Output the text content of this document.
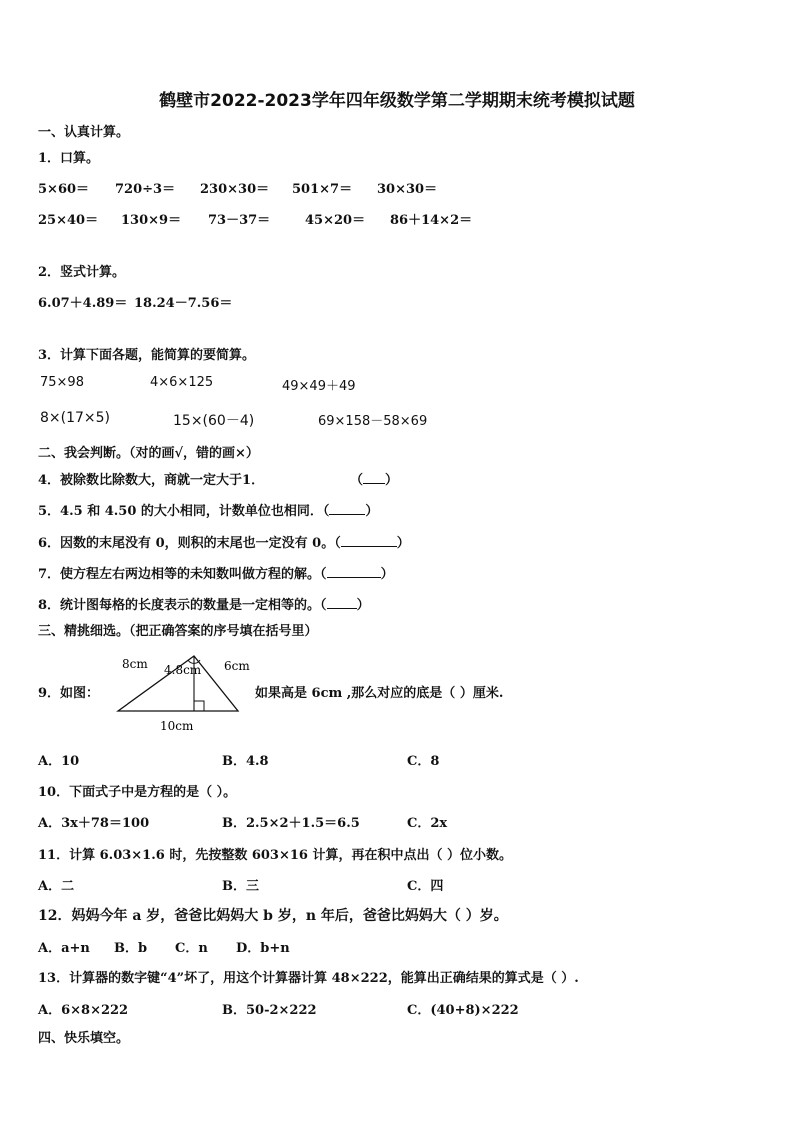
鹤壁市2022-2023学年四年级数学第二学期期末统考模拟试题
一、认真计算。
1．口算。
5×60＝ 720÷3＝ 230×30＝ 501×7＝ 30×30＝
25×40＝ 130×9＝ 73－37＝	45×20＝ 86＋14×2＝
2．竖式计算。
6.07＋4.89＝ 18.24－7.56＝
3．计算下面各题，能简算的要简算。
75×98	4×6×125	49×49＋49
8×(17×5)	15×(60－4)	69×158－58×69
二、我会判断。（对的画√，错的画×）
4．被除数比除数大，商就一定大于1．	（ ）
5．4.5 和 4.50 的大小相同，计数单位也相同．（	）
6．因数的末尾没有 0，则积的末尾也一定没有 0。（	）
7．使方程左右两边相等的未知数叫做方程的解。（	）
8．统计图每格的长度表示的数量是一定相等的。（ ）
三、精挑细选。（把正确答案的序号填在括号里）
9．如图：
8cm 4.8cm 6cm
10cm
如果高是 6cm ,那么对应的底是（ ）厘米.
A．10	B．4.8	C．8
10．下面式子中是方程的是（ ）。
A．3x＋78＝100	B．2.5×2＋1.5＝6.5	C．2x
11．计算 6.03×1.6 时，先按整数 603×16 计算，再在积中点出（ ）位小数。
A．二	B．三	C．四
12．妈妈今年 a 岁，爸爸比妈妈大 b 岁，n 年后，爸爸比妈妈大（ ）岁。
A．a+n B．b C．n D．b+n
13．计算器的数字键“4”坏了，用这个计算器计算 48×222，能算出正确结果的算式是（ ）.
A．6×8×222	B．50-2×222	C．(40+8)×222
四、快乐填空。
